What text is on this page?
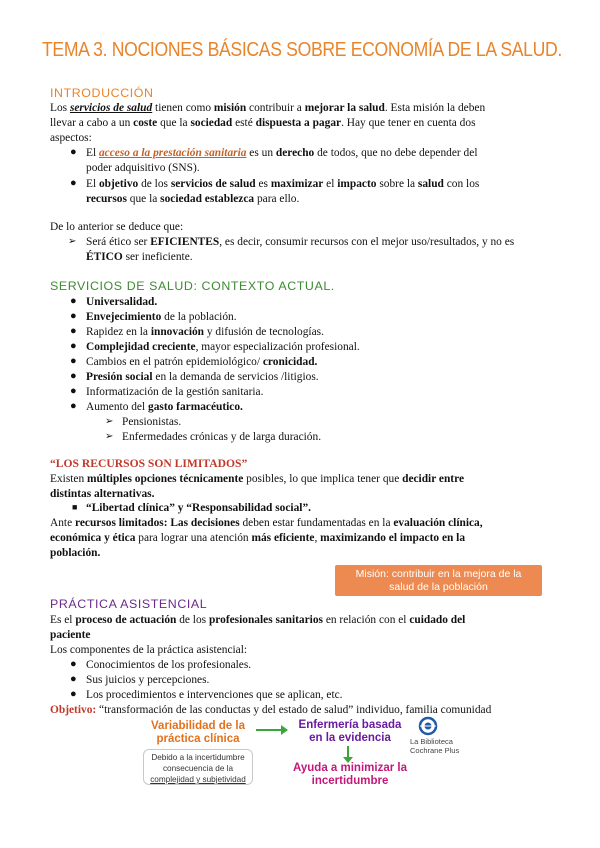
TEMA 3. NOCIONES BÁSICAS SOBRE ECONOMÍA DE LA SALUD.
INTRODUCCIÓN
Los servicios de salud tienen como misión contribuir a mejorar la salud. Esta misión la deben
llevar a cabo a un coste que la sociedad esté dispuesta a pagar. Hay que tener en cuenta dos
aspectos:
● El acceso a la prestación sanitaria es un derecho de todos, que no debe depender del
poder adquisitivo (SNS).
● El objetivo de los servicios de salud es maximizar el impacto sobre la salud con los
recursos que la sociedad establezca para ello.
De lo anterior se deduce que:
➢ Será ético ser EFICIENTES, es decir, consumir recursos con el mejor uso/resultados, y no es
ÉTICO ser ineficiente.
SERVICIOS DE SALUD: CONTEXTO ACTUAL.
● Universalidad.
● Envejecimiento de la población.
● Rapidez en la innovación y difusión de tecnologías.
● Complejidad creciente, mayor especialización profesional.
● Cambios en el patrón epidemiológico/ cronicidad.
● Presión social en la demanda de servicios /litigios.
● Informatización de la gestión sanitaria.
● Aumento del gasto farmacéutico.
➢ Pensionistas.
➢ Enfermedades crónicas y de larga duración.
“LOS RECURSOS SON LIMITADOS”
Existen múltiples opciones técnicamente posibles, lo que implica tener que decidir entre
distintas alternativas.
■ “Libertad clínica” y “Responsabilidad social”.
Ante recursos limitados: Las decisiones deben estar fundamentadas en la evaluación clínica,
económica y ética para lograr una atención más eficiente, maximizando el impacto en la
población.
Misión: contribuir en la mejora de la salud de la población
PRÁCTICA ASISTENCIAL
Es el proceso de actuación de los profesionales sanitarios en relación con el cuidado del
paciente
Los componentes de la práctica asistencial:
● Conocimientos de los profesionales.
● Sus juicios y percepciones.
● Los procedimientos e intervenciones que se aplican, etc.
Objetivo: “transformación de las conductas y del estado de salud” individuo, familia comunidad
Variabilidad de la práctica clínica
Debido a la incertidumbre
consecuencia de la
complejidad y subjetividad
Enfermería basada en la evidencia
Ayuda a minimizar la incertidumbre
La Biblioteca
Cochrane Plus
